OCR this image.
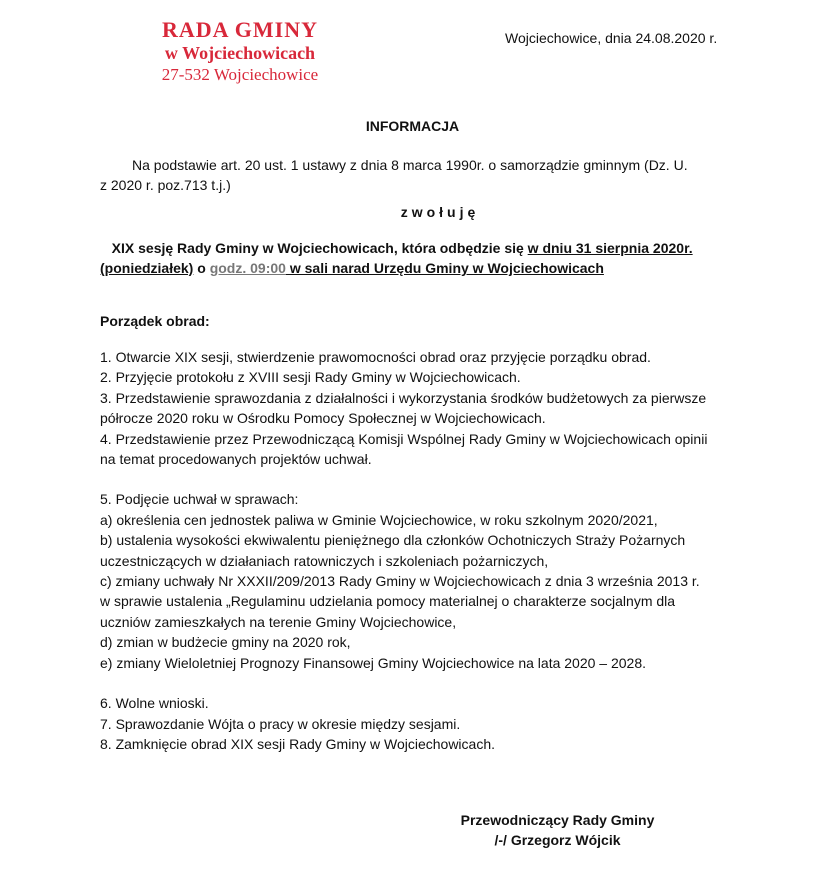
RADA GMINY
w Wojciechowicach
27-532 Wojciechowice
Wojciechowice, dnia 24.08.2020 r.
INFORMACJA
Na podstawie art. 20 ust. 1 ustawy z dnia 8 marca 1990r. o samorządzie gminnym (Dz. U.
z 2020 r. poz.713 t.j.)
zwołuję
XIX sesję Rady Gminy w Wojciechowicach, która odbędzie się w dniu 31 sierpnia 2020r.
(poniedziałek) o godz. 09:00 w sali narad Urzędu Gminy w Wojciechowicach
Porządek obrad:
1. Otwarcie XIX sesji, stwierdzenie prawomocności obrad oraz przyjęcie porządku obrad.
2. Przyjęcie protokołu z XVIII sesji Rady Gminy w Wojciechowicach.
3. Przedstawienie sprawozdania z działalności i wykorzystania środków budżetowych za pierwsze
półrocze 2020 roku w Ośrodku Pomocy Społecznej w Wojciechowicach.
4. Przedstawienie przez Przewodniczącą Komisji Wspólnej Rady Gminy w Wojciechowicach opinii
na temat procedowanych projektów uchwał.
5. Podjęcie uchwał w sprawach:
a) określenia cen jednostek paliwa w Gminie Wojciechowice, w roku szkolnym 2020/2021,
b) ustalenia wysokości ekwiwalentu pieniężnego dla członków Ochotniczych Straży Pożarnych
uczestniczących w działaniach ratowniczych i szkoleniach pożarniczych,
c) zmiany uchwały Nr XXXII/209/2013 Rady Gminy w Wojciechowicach z dnia 3 września 2013 r.
w sprawie ustalenia „Regulaminu udzielania pomocy materialnej o charakterze socjalnym dla
uczniów zamieszkałych na terenie Gminy Wojciechowice,
d) zmian w budżecie gminy na 2020 rok,
e) zmiany Wieloletniej Prognozy Finansowej Gminy Wojciechowice na lata 2020 – 2028.
6. Wolne wnioski.
7. Sprawozdanie Wójta o pracy w okresie między sesjami.
8. Zamknięcie obrad XIX sesji Rady Gminy w Wojciechowicach.
Przewodniczący Rady Gminy
/-/ Grzegorz Wójcik
